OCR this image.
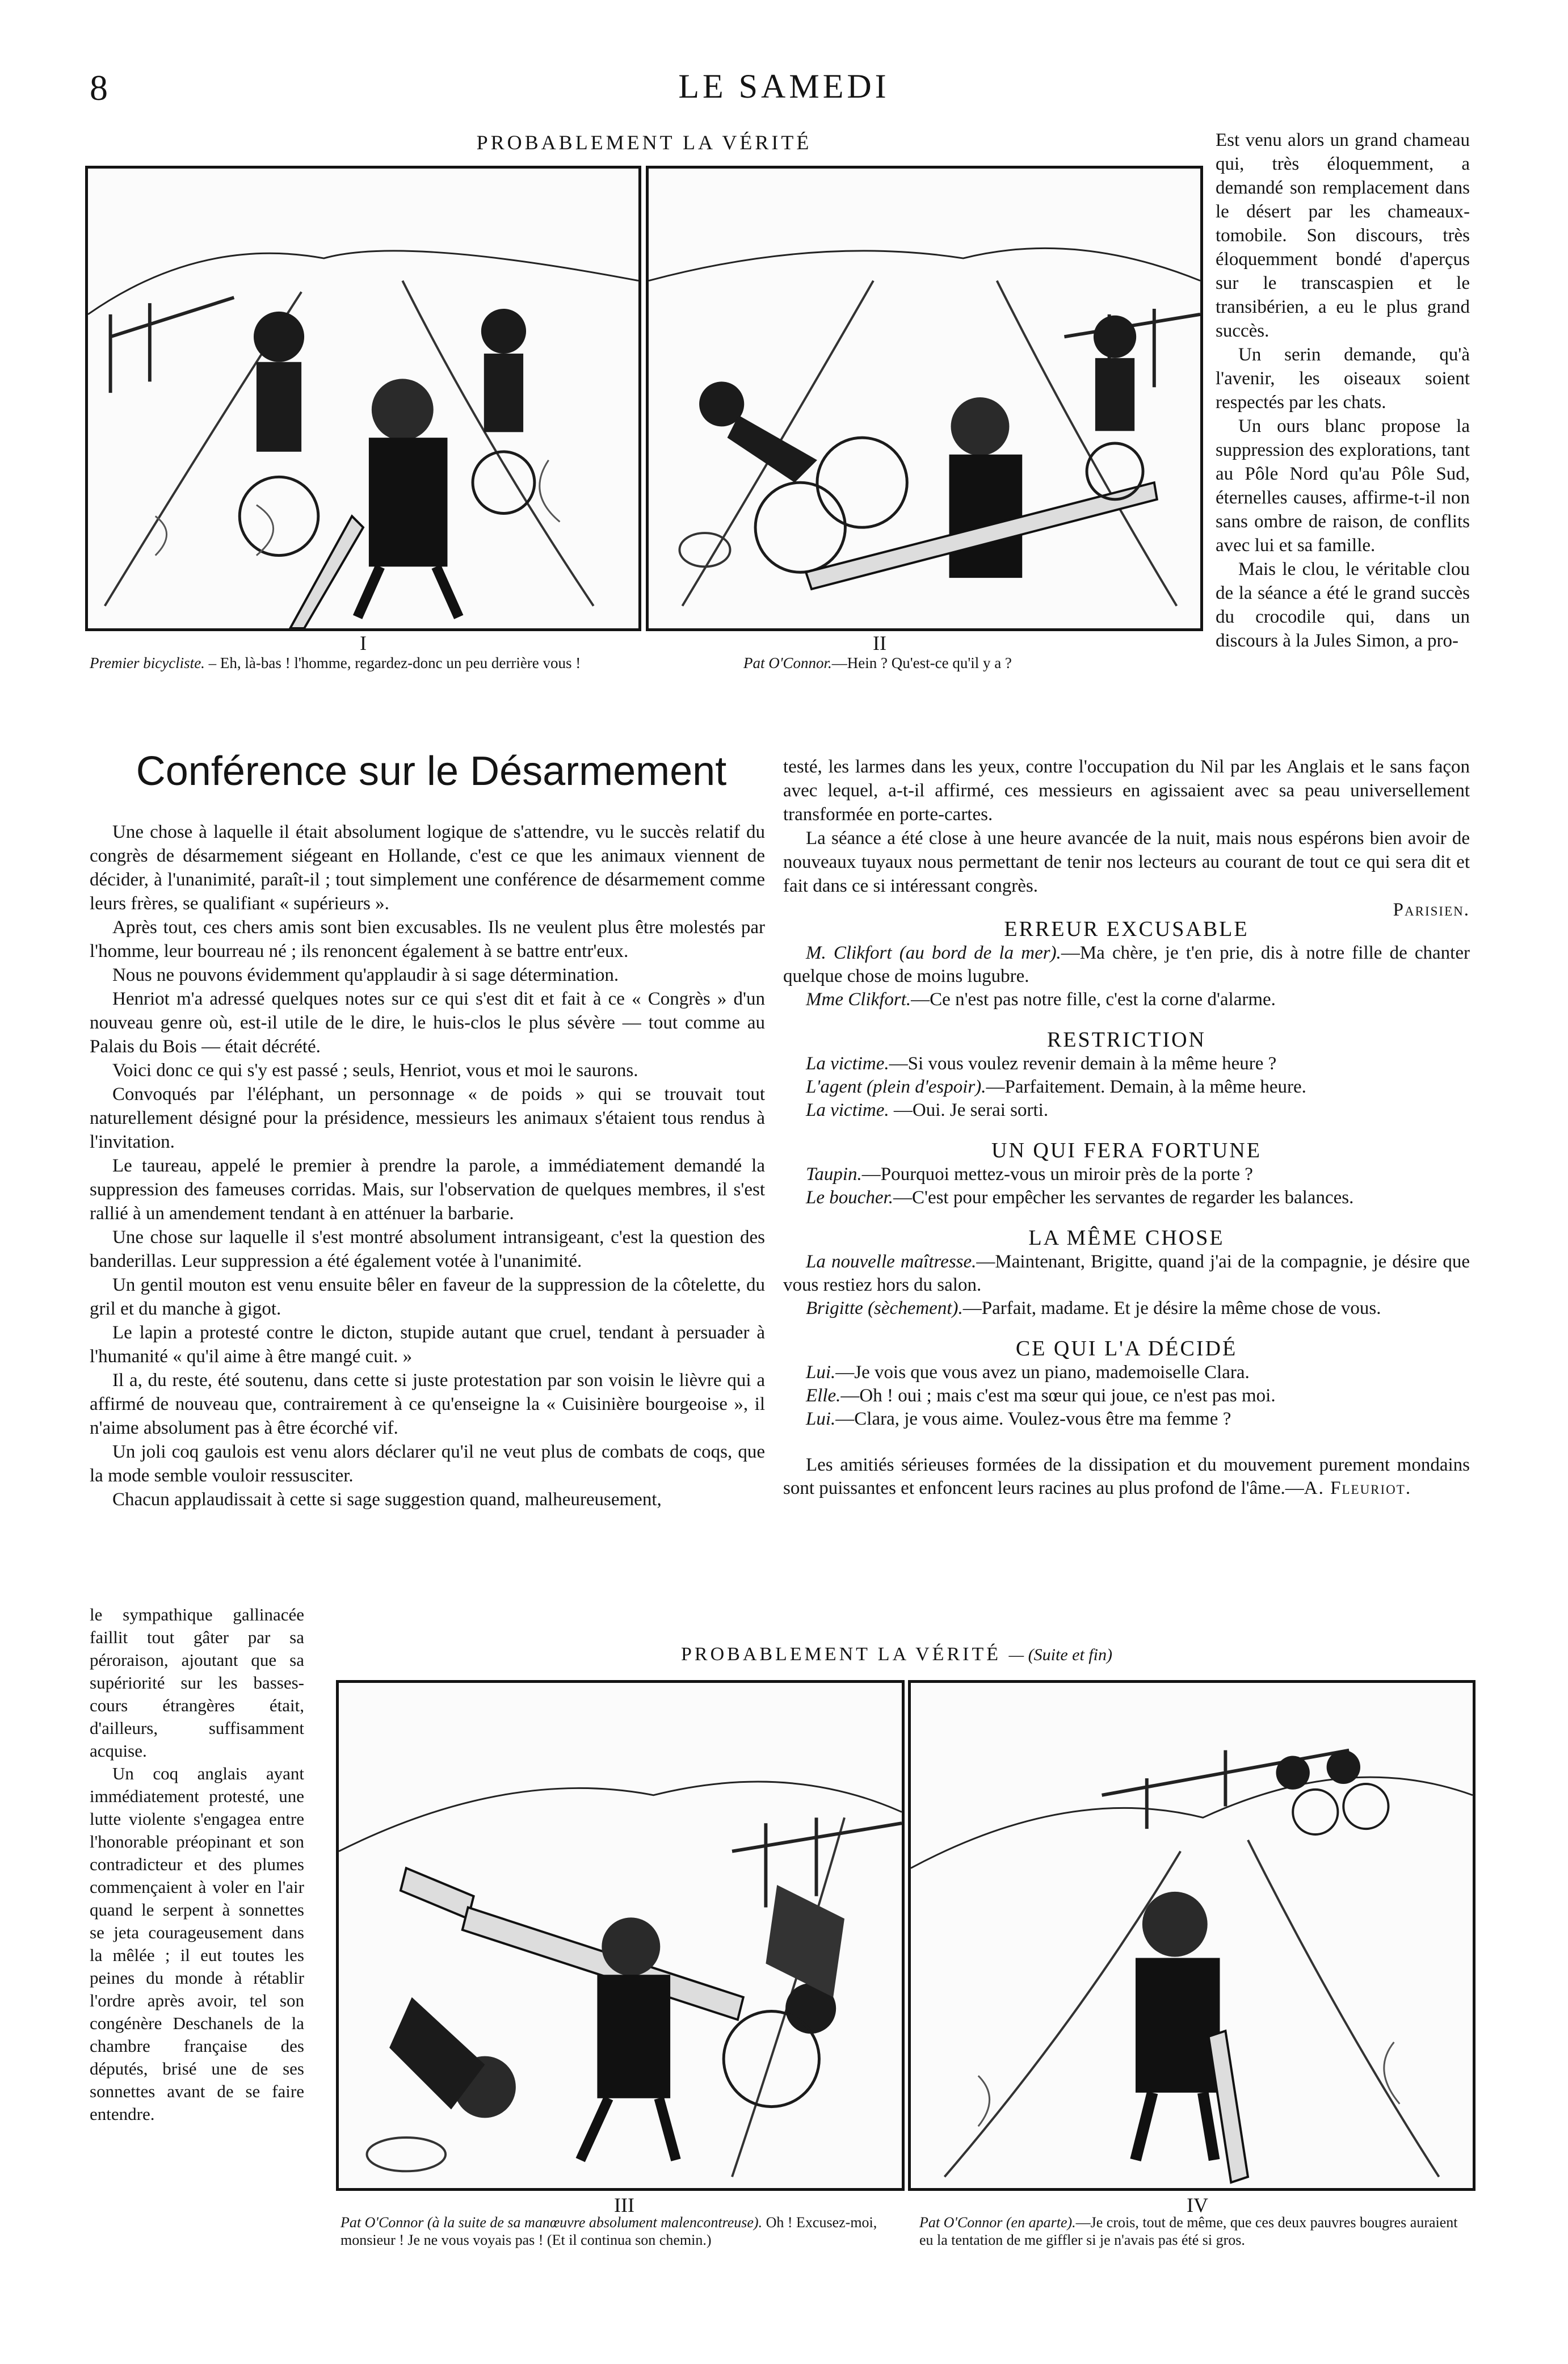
8	LE SAMEDI
PROBABLEMENT LA VÉRITÉ
I
Premier bicycliste. – Eh, là-bas ! l'homme, regardez-donc un peu derrière vous !
II
Pat O'Connor.—Hein ? Qu'est-ce qu'il y a ?

Est venu alors un grand chameau qui, très éloquemment, a demandé son remplacement dans le désert par les chameaux-tomobile. Son discours, très éloquemment bondé d'aperçus sur le transcaspien et le transibérien, a eu le plus grand succès.

Un serin demande, qu'à l'avenir, les oiseaux soient respectés par les chats.

Un ours blanc propose la suppression des explorations, tant au Pôle Nord qu'au Pôle Sud, éternelles causes, affirme-t-il non sans ombre de raison, de conflits avec lui et sa famille.

Mais le clou, le véritable clou de la séance a été le grand succès du crocodile qui, dans un discours à la Jules Simon, a pro-

Conférence sur le Désarmement	testé, les larmes dans les yeux, contre l'occupation du Nil par les Anglais et le sans façon avec lequel, a-t-il affirmé, ces messieurs en agissaient avec sa peau universellement transformée en porte-cartes.

La séance a été close à une heure avancée de la nuit, mais nous espérons bien avoir de nouveaux tuyaux nous permettant de tenir nos lecteurs au courant de tout ce qui sera dit et fait dans ce si intéressant congrès.

Parisien.

Une chose à laquelle il était absolument logique de s'attendre, vu le succès relatif du congrès de désarmement siégeant en Hollande, c'est ce que les animaux viennent de décider, à l'unanimité, paraît-il ; tout simplement une conférence de désarmement comme leurs frères, se qualifiant « supérieurs ».

Après tout, ces chers amis sont bien excusables. Ils ne veulent plus être molestés par l'homme, leur bourreau né ; ils renoncent également à se battre entr'eux.

Nous ne pouvons évidemment qu'applaudir à si sage détermination.

Henriot m'a adressé quelques notes sur ce qui s'est dit et fait à ce « Congrès » d'un nouveau genre où, est-il utile de le dire, le huis-clos le plus sévère — tout comme au Palais du Bois — était décrété.

Voici donc ce qui s'y est passé ; seuls, Henriot, vous et moi le saurons.

Convoqués par l'éléphant, un personnage « de poids » qui se trouvait tout naturellement désigné pour la présidence, messieurs les animaux s'étaient tous rendus à l'invitation.

Le taureau, appelé le premier à prendre la parole, a immédiatement demandé la suppression des fameuses corridas. Mais, sur l'observation de quelques membres, il s'est rallié à un amendement tendant à en atténuer la barbarie.

Une chose sur laquelle il s'est montré absolument intransigeant, c'est la question des banderillas. Leur suppression a été également votée à l'unanimité.

Un gentil mouton est venu ensuite bêler en faveur de la suppression de la côtelette, du gril et du manche à gigot.

Le lapin a protesté contre le dicton, stupide autant que cruel, tendant à persuader à l'humanité « qu'il aime à être mangé cuit. »

Il a, du reste, été soutenu, dans cette si juste protestation par son voisin le lièvre qui a affirmé de nouveau que, contrairement à ce qu'enseigne la « Cuisinière bourgeoise », il n'aime absolument pas à être écorché vif.

Un joli coq gaulois est venu alors déclarer qu'il ne veut plus de combats de coqs, que la mode semble vouloir ressusciter.

Chacun applaudissait à cette si sage suggestion quand, malheureusement,

le sympathique gallinacée faillit tout gâter par sa péroraison, ajoutant que sa supériorité sur les basses-cours étrangères était, d'ailleurs, suffisamment acquise.

Un coq anglais ayant immédiatement protesté, une lutte violente s'engagea entre l'honorable préopinant et son contradicteur et des plumes commençaient à voler en l'air quand le serpent à sonnettes se jeta courageusement dans la mêlée ; il eut toutes les peines du monde à rétablir l'ordre après avoir, tel son congénère Deschanels de la chambre française des députés, brisé une de ses sonnettes avant de se faire entendre.

ERREUR EXCUSABLE

M. Clikfort (au bord de la mer).—Ma chère, je t'en prie, dis à notre fille de chanter quelque chose de moins lugubre.

Mme Clikfort.—Ce n'est pas notre fille, c'est la corne d'alarme.

RESTRICTION

La victime.—Si vous voulez revenir demain à la même heure ?

L'agent (plein d'espoir).—Parfaitement. Demain, à la même heure.

La victime. —Oui. Je serai sorti.

UN QUI FERA FORTUNE

Taupin.—Pourquoi mettez-vous un miroir près de la porte ?

Le boucher.—C'est pour empêcher les servantes de regarder les balances.

LA MÊME CHOSE

La nouvelle maîtresse.—Maintenant, Brigitte, quand j'ai de la compagnie, je désire que vous restiez hors du salon.

Brigitte (sèchement).—Parfait, madame. Et je désire la même chose de vous.

CE QUI L'A DÉCIDÉ

Lui.—Je vois que vous avez un piano, mademoiselle Clara.

Elle.—Oh ! oui ; mais c'est ma sœur qui joue, ce n'est pas moi.

Lui.—Clara, je vous aime. Voulez-vous être ma femme ?

Les amitiés sérieuses formées de la dissipation et du mouvement purement mondains sont puissantes et enfoncent leurs racines au plus profond de l'âme.—A. Fleuriot.

PROBABLEMENT LA VÉRITÉ — (Suite et fin)
III
Pat O'Connor (à la suite de sa manœuvre absolument malencontreuse). Oh ! Excusez-moi, monsieur ! Je ne vous voyais pas ! (Et il continua son chemin.)
IV
Pat O'Connor (en aparte).—Je crois, tout de même, que ces deux pauvres bougres auraient eu la tentation de me giffler si je n'avais pas été si gros.
